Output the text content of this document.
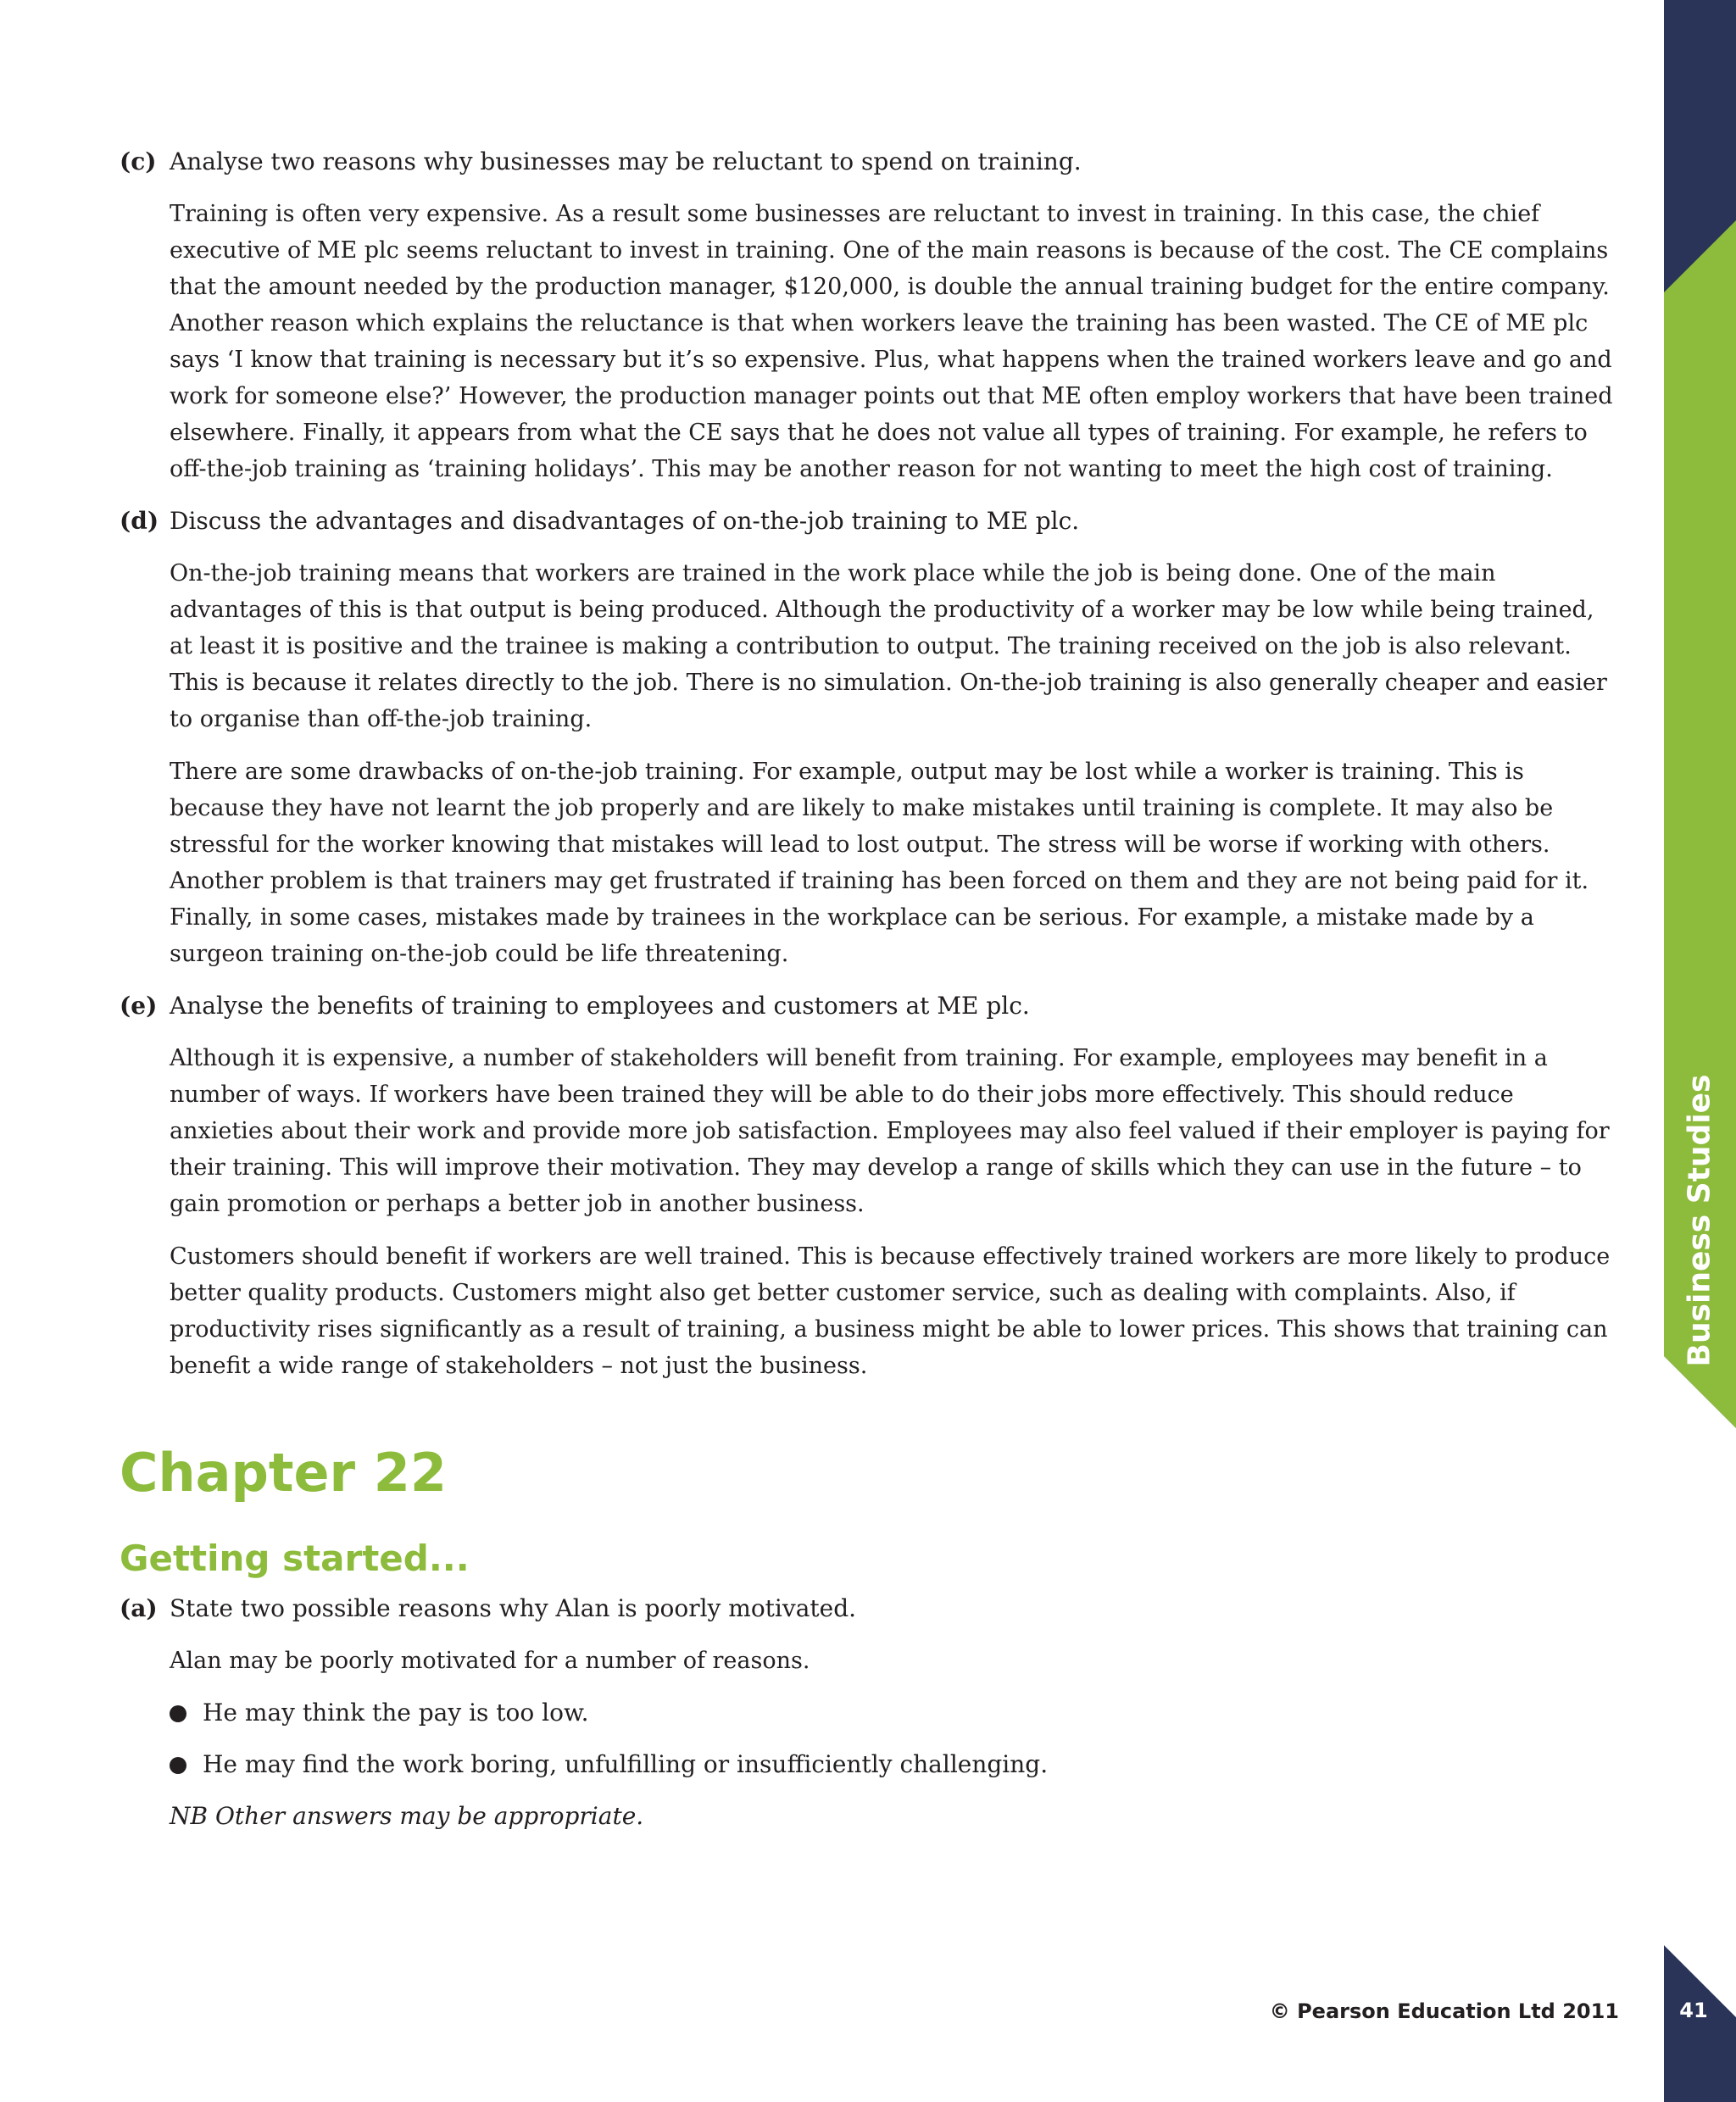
Business Studies
41
© Pearson Education Ltd 2011
(c) Analyse two reasons why businesses may be reluctant to spend on training.

Training is often very expensive. As a result some businesses are reluctant to invest in training. In this case, the chief executive of ME plc seems reluctant to invest in training. One of the main reasons is because of the cost. The CE complains that the amount needed by the production manager, $120,000, is double the annual training budget for the entire company. Another reason which explains the reluctance is that when workers leave the training has been wasted. The CE of ME plc says ‘I know that training is necessary but it’s so expensive. Plus, what happens when the trained workers leave and go and work for someone else?’ However, the production manager points out that ME often employ workers that have been trained elsewhere. Finally, it appears from what the CE says that he does not value all types of training. For example, he refers to off-the-job training as ‘training holidays’. This may be another reason for not wanting to meet the high cost of training.

(d) Discuss the advantages and disadvantages of on-the-job training to ME plc.

On-the-job training means that workers are trained in the work place while the job is being done. One of the main advantages of this is that output is being produced. Although the productivity of a worker may be low while being trained, at least it is positive and the trainee is making a contribution to output. The training received on the job is also relevant. This is because it relates directly to the job. There is no simulation. On-the-job training is also generally cheaper and easier to organise than off-the-job training.

There are some drawbacks of on-the-job training. For example, output may be lost while a worker is training. This is because they have not learnt the job properly and are likely to make mistakes until training is complete. It may also be stressful for the worker knowing that mistakes will lead to lost output. The stress will be worse if working with others. Another problem is that trainers may get frustrated if training has been forced on them and they are not being paid for it. Finally, in some cases, mistakes made by trainees in the workplace can be serious. For example, a mistake made by a surgeon training on-the-job could be life threatening.

(e) Analyse the benefits of training to employees and customers at ME plc.

Although it is expensive, a number of stakeholders will benefit from training. For example, employees may benefit in a number of ways. If workers have been trained they will be able to do their jobs more effectively. This should reduce anxieties about their work and provide more job satisfaction. Employees may also feel valued if their employer is paying for their training. This will improve their motivation. They may develop a range of skills which they can use in the future – to gain promotion or perhaps a better job in another business.

Customers should benefit if workers are well trained. This is because effectively trained workers are more likely to produce better quality products. Customers might also get better customer service, such as dealing with complaints. Also, if productivity rises significantly as a result of training, a business might be able to lower prices. This shows that training can benefit a wide range of stakeholders – not just the business.

Chapter 22
Getting started...
(a) State two possible reasons why Alan is poorly motivated.

Alan may be poorly motivated for a number of reasons.

He may think the pay is too low.
He may find the work boring, unfulfilling or insufficiently challenging.

NB Other answers may be appropriate.
